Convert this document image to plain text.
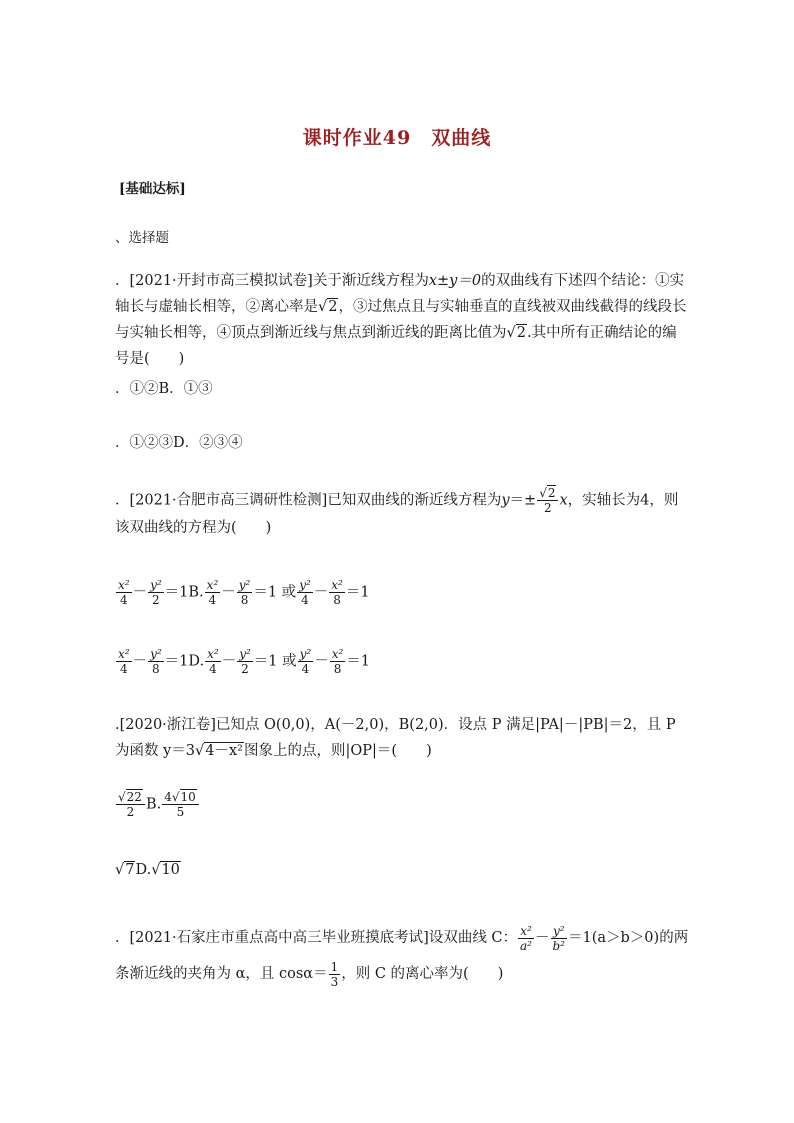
课时作业49　双曲线
[基础达标]
、选择题
．[2021·开封市高三模拟试卷]关于渐近线方程为x±y＝0的双曲线有下述四个结论：①实轴长与虚轴长相等，②离心率是√2，③过焦点且与实轴垂直的直线被双曲线截得的线段长与实轴长相等，④顶点到渐近线与焦点到渐近线的距离比值为√2.其中所有正确结论的编号是(　　)
．①②B．①③
．①②③D．②③④
．[2021·合肥市高三调研性检测]已知双曲线的渐近线方程为$y=\pm \frac{√2}{2}$ x，实轴长为4，则该双曲线的方程为(　　)
$\frac{\text{x²}}{4} - \frac{\text{y²}}{2} =1B$. $\frac{\text{x²}}{4} - \frac{\text{y²}}{8} =1$ 或 $\frac{\text{y²}}{4} - \frac{\text{x²}}{8} =1$
$\frac{\text{x²}}{4} - \frac{\text{y²}}{8} =1D$. $\frac{\text{x²}}{4} - \frac{\text{y²}}{2} =1$ 或 $\frac{\text{y²}}{4} - \frac{\text{x²}}{8} =1$
.[2020·浙江卷]已知点 O(0,0)，A(－2,0)，B(2,0)．设点 P 满足|PA|－|PB|＝2，且 P 为函数 y＝3√4－x²图象上的点，则|OP|＝(　　)
$\frac{√22}{2} B$. $\frac{4√10}{5}$
√7D.√10
．[2021·石家庄市重点高中高三毕业班摸底考试]设双曲线 C： $\frac{\text{x²}}{\text{a²}} - \frac{\text{y²}}{\text{b²}} =1(a>b>0)$的两条渐近线的夹角为 α，且 $\cos\alpha= \frac{1}{3}$ ，则 C 的离心率为(　　)
